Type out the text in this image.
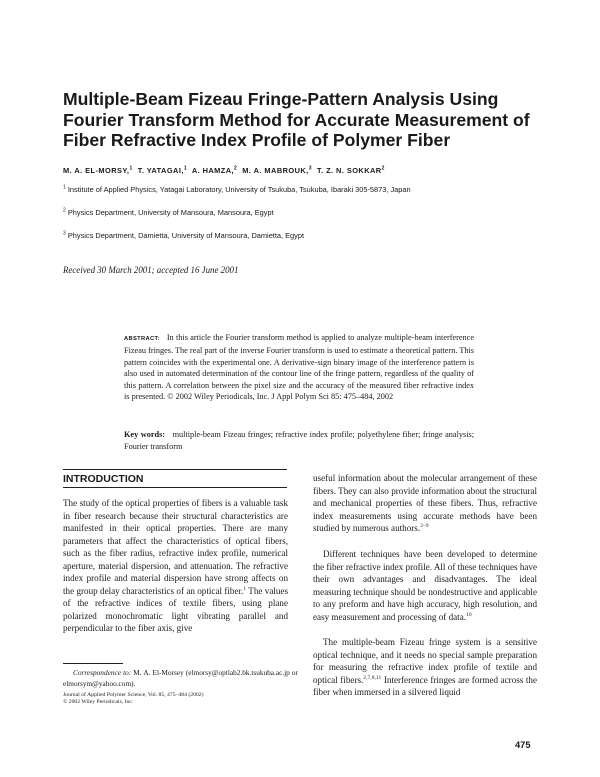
Multiple-Beam Fizeau Fringe-Pattern Analysis Using Fourier Transform Method for Accurate Measurement of Fiber Refractive Index Profile of Polymer Fiber
M. A. EL-MORSY,$^1$ T. YATAGAI,$^1$ A. HAMZA,$^2$ M. A. MABROUK,$^3$ T. Z. N. SOKKAR$^2$
$^1$ Institute of Applied Physics, Yatagai Laboratory, University of Tsukuba, Tsukuba, Ibaraki 305-5873, Japan
$^2$ Physics Department, University of Mansoura, Mansoura, Egypt
$^3$ Physics Department, Damietta, University of Mansoura, Damietta, Egypt
Received 30 March 2001; accepted 16 June 2001

ABSTRACT: In this article the Fourier transform method is applied to analyze multiple-beam interference Fizeau fringes. The real part of the inverse Fourier transform is used to estimate a theoretical pattern. This pattern coincides with the experimental one. A derivative-sign binary image of the interference pattern is also used in automated determination of the contour line of the fringe pattern, regardless of the quality of this pattern. A correlation between the pixel size and the accuracy of the measured fiber refractive index is presented. © 2002 Wiley Periodicals, Inc. J Appl Polym Sci 85: 475–484, 2002

Key words: multiple-beam Fizeau fringes; refractive index profile; polyethylene fiber; fringe analysis; Fourier transform

INTRODUCTION

The study of the optical properties of fibers is a valuable task in fiber research because their structural characteristics are manifested in their optical properties. There are many parameters that affect the characteristics of optical fibers, such as the fiber radius, refractive index profile, numerical aperture, material dispersion, and attenuation. The refractive index profile and material dispersion have strong affects on the group delay characteristics of an optical fiber.$^1$ The values of the refractive indices of textile fibers, using plane polarized monochromatic light vibrating parallel and perpendicular to the fiber axis, give

useful information about the molecular arrangement of these fibers. They can also provide information about the structural and mechanical properties of these fibers. Thus, refractive index measurements using accurate methods have been studied by numerous authors.$^{2-9}$

Different techniques have been developed to determine the fiber refractive index profile. All of these techniques have their own advantages and disadvantages. The ideal measuring technique should be nondestructive and applicable to any preform and have high accuracy, high resolution, and easy measurement and processing of data.$^{10}$

The multiple-beam Fizeau fringe system is a sensitive optical technique, and it needs no special sample preparation for measuring the refractive index profile of textile and optical fibers.$^{2,7,8,11}$ Interference fringes are formed across the fiber when immersed in a silvered liquid

Correspondence to: M. A. El-Morsey (elmorsy@optlab2.bk.tsukuba.ac.jp or elmorsym@yahoo.com).

Journal of Applied Polymer Science, Vol. 85, 475–484 (2002)
© 2002 Wiley Periodicals, Inc.

475
